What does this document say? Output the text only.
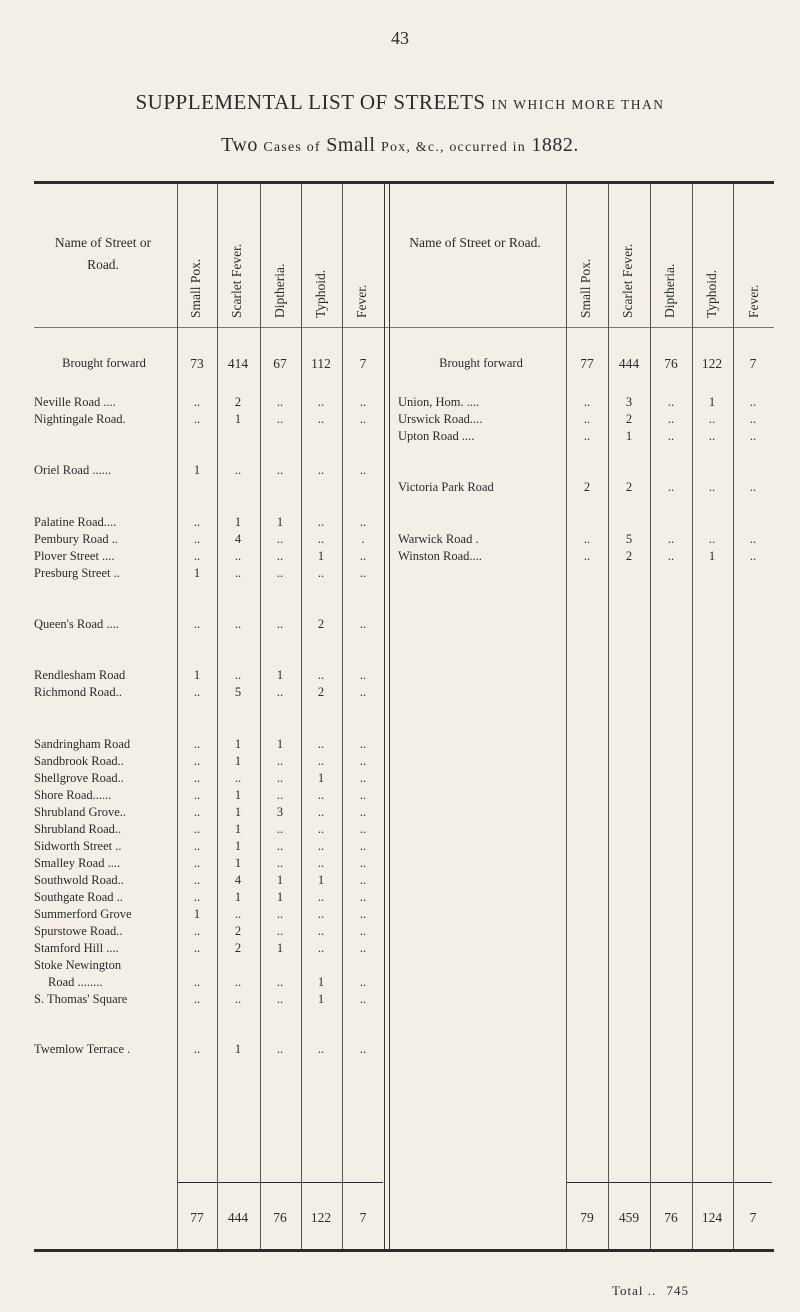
43
SUPPLEMENTAL LIST OF STREETS IN WHICH MORE THAN
Two Cases of Small Pox, &c., occurred in 1882.
Name of Street or Road.
Name of Street or Road.
Small Pox. Scarlet Fever. Diptheria. Typhoid. Fever.	Small Pox. Scarlet Fever. Diptheria. Typhoid. Fever.
Brought forward	73	414	67	112	7
Neville Road ....	..	2	..	..	..
Nightingale Road.	..	1	..	..	..
Oriel Road ......	1	..	..	..	..
Palatine Road....	..	1	1	..	..
Pembury Road ..	..	4	..	..	.
Plover Street ....	..	..	..	1	..
Presburg Street ..	1	..	..	..	..
Queen's Road ....	..	..	..	2	..
Rendlesham Road	1	..	1	..	..
Richmond Road..	..	5	..	2	..
Sandringham Road	..	1	1	..	..
Sandbrook Road..	..	1	..	..	..
Shellgrove Road..	..	..	..	1	..
Shore Road......	..	1	..	..	..
Shrubland Grove..	..	1	3	..	..
Shrubland Road..	..	1	..	..	..
Sidworth Street ..	..	1	..	..	..
Smalley Road ....	..	1	..	..	..
Southwold Road..	..	4	1	1	..
Southgate Road ..	..	1	1	..	..
Summerford Grove	1	..	..	..	..
Spurstowe Road..	..	2	..	..	..
Stamford Hill ....	..	2	1	..	..
Stoke Newington
Road ........	..	..	..	1	..
S. Thomas' Square	..	..	..	1	..
Twemlow Terrace .	..	1	..	..	..
77	444	76	122	7
Brought forward	77	444	76	122	7
Union, Hom. ....	..	3	..	1	..
Urswick Road....	..	2	..	..	..
Upton Road ....	..	1	..	..	..
Victoria Park Road	2	2	..	..	..
Warwick Road .	..	5	..	..	..
Winston Road....	..	2	..	1	..
79	459	76	124	7
Total .. 745
